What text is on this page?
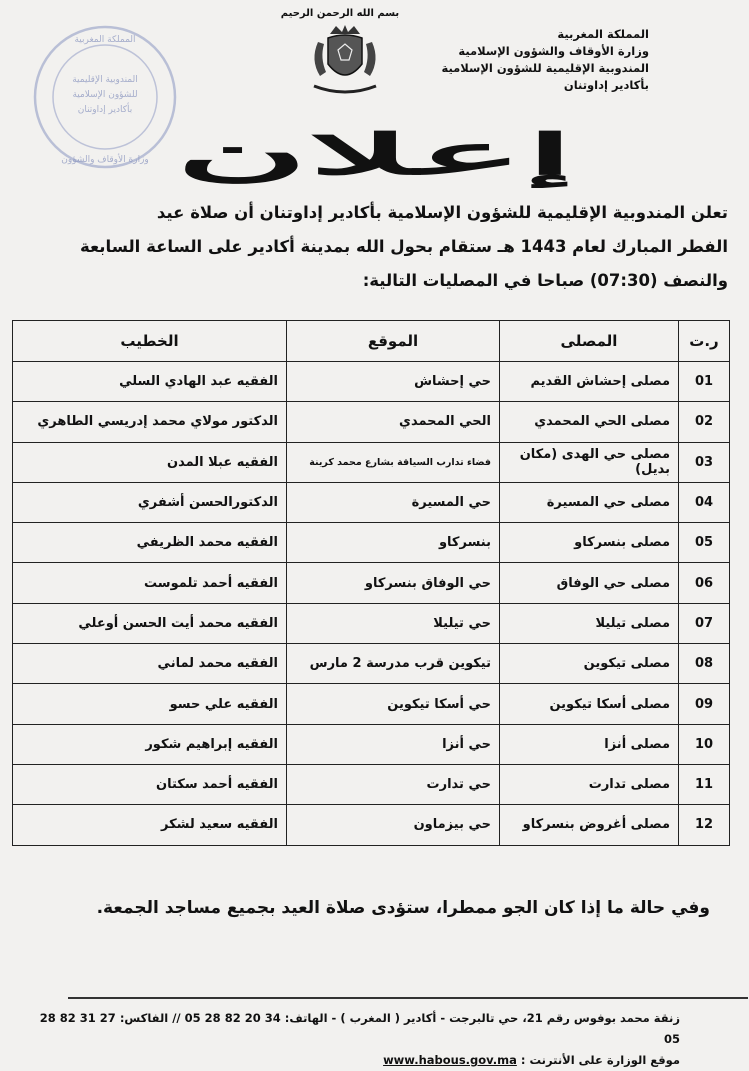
المملكة المغربية
المندوبية الإقليمية
للشؤون الإسلامية
بأكادير إداوتنان
وزارة الأوقاف والشؤون
بسم الله الرحمن الرحيم
المملكة المغربية
وزارة الأوقاف والشؤون الإسلامية
المندوبية الإقليمية للشؤون الإسلامية
بأكادير إداوتنان
إعلان

تعلن المندوبية الإقليمية للشؤون الإسلامية بأكادير إداوتنان أن صلاة عيد

الفطر المبارك لعام 1443 هـ ستقام بحول الله بمدينة أكادير على الساعة السابعة

والنصف (07:30) صباحا في المصليات التالية:

ر.ت	المصلى	الموقع	الخطيب
01	مصلى إحشاش القديم	حي إحشاش	الفقيه عبد الهادي السلي
02	مصلى الحي المحمدي	الحي المحمدي	الدكتور مولاي محمد إدريسي الطاهري
03	مصلى حي الهدى (مكان بديل)	فضاء تدارب السياقة بشارع محمد كرينة	الفقيه عبلا المدن
04	مصلى حي المسيرة	حي المسيرة	الدكتورالحسن أشفري
05	مصلى بنسركاو	بنسركاو	الفقيه محمد الظريفي
06	مصلى حي الوفاق	حي الوفاق بنسركاو	الفقيه أحمد تلموست
07	مصلى تيليلا	حي تيليلا	الفقيه محمد أيت الحسن أوعلي
08	مصلى تيكوين	تيكوين قرب مدرسة 2 مارس	الفقيه محمد لماني
09	مصلى أسكا تيكوين	حي أسكا تيكوين	الفقيه علي حسو
10	مصلى أنزا	حي أنزا	الفقيه إبراهيم شكور
11	مصلى تدارت	حي تدارت	الفقيه أحمد سكتان
12	مصلى أغروض بنسركاو	حي بيزماون	الفقيه سعيد لشكر
وفي حالة ما إذا كان الجو ممطرا، ستؤدى صلاة العيد بجميع مساجد الجمعة.
زنقة محمد بوفوس رقم 21، حي تالبرجت - أكادير ( المغرب ) - الهاتف: 34 20 82 28 05 // الفاكس: 27 31 82 28 05
موقع الوزارة على الأنترنت : www.habous.gov.ma
